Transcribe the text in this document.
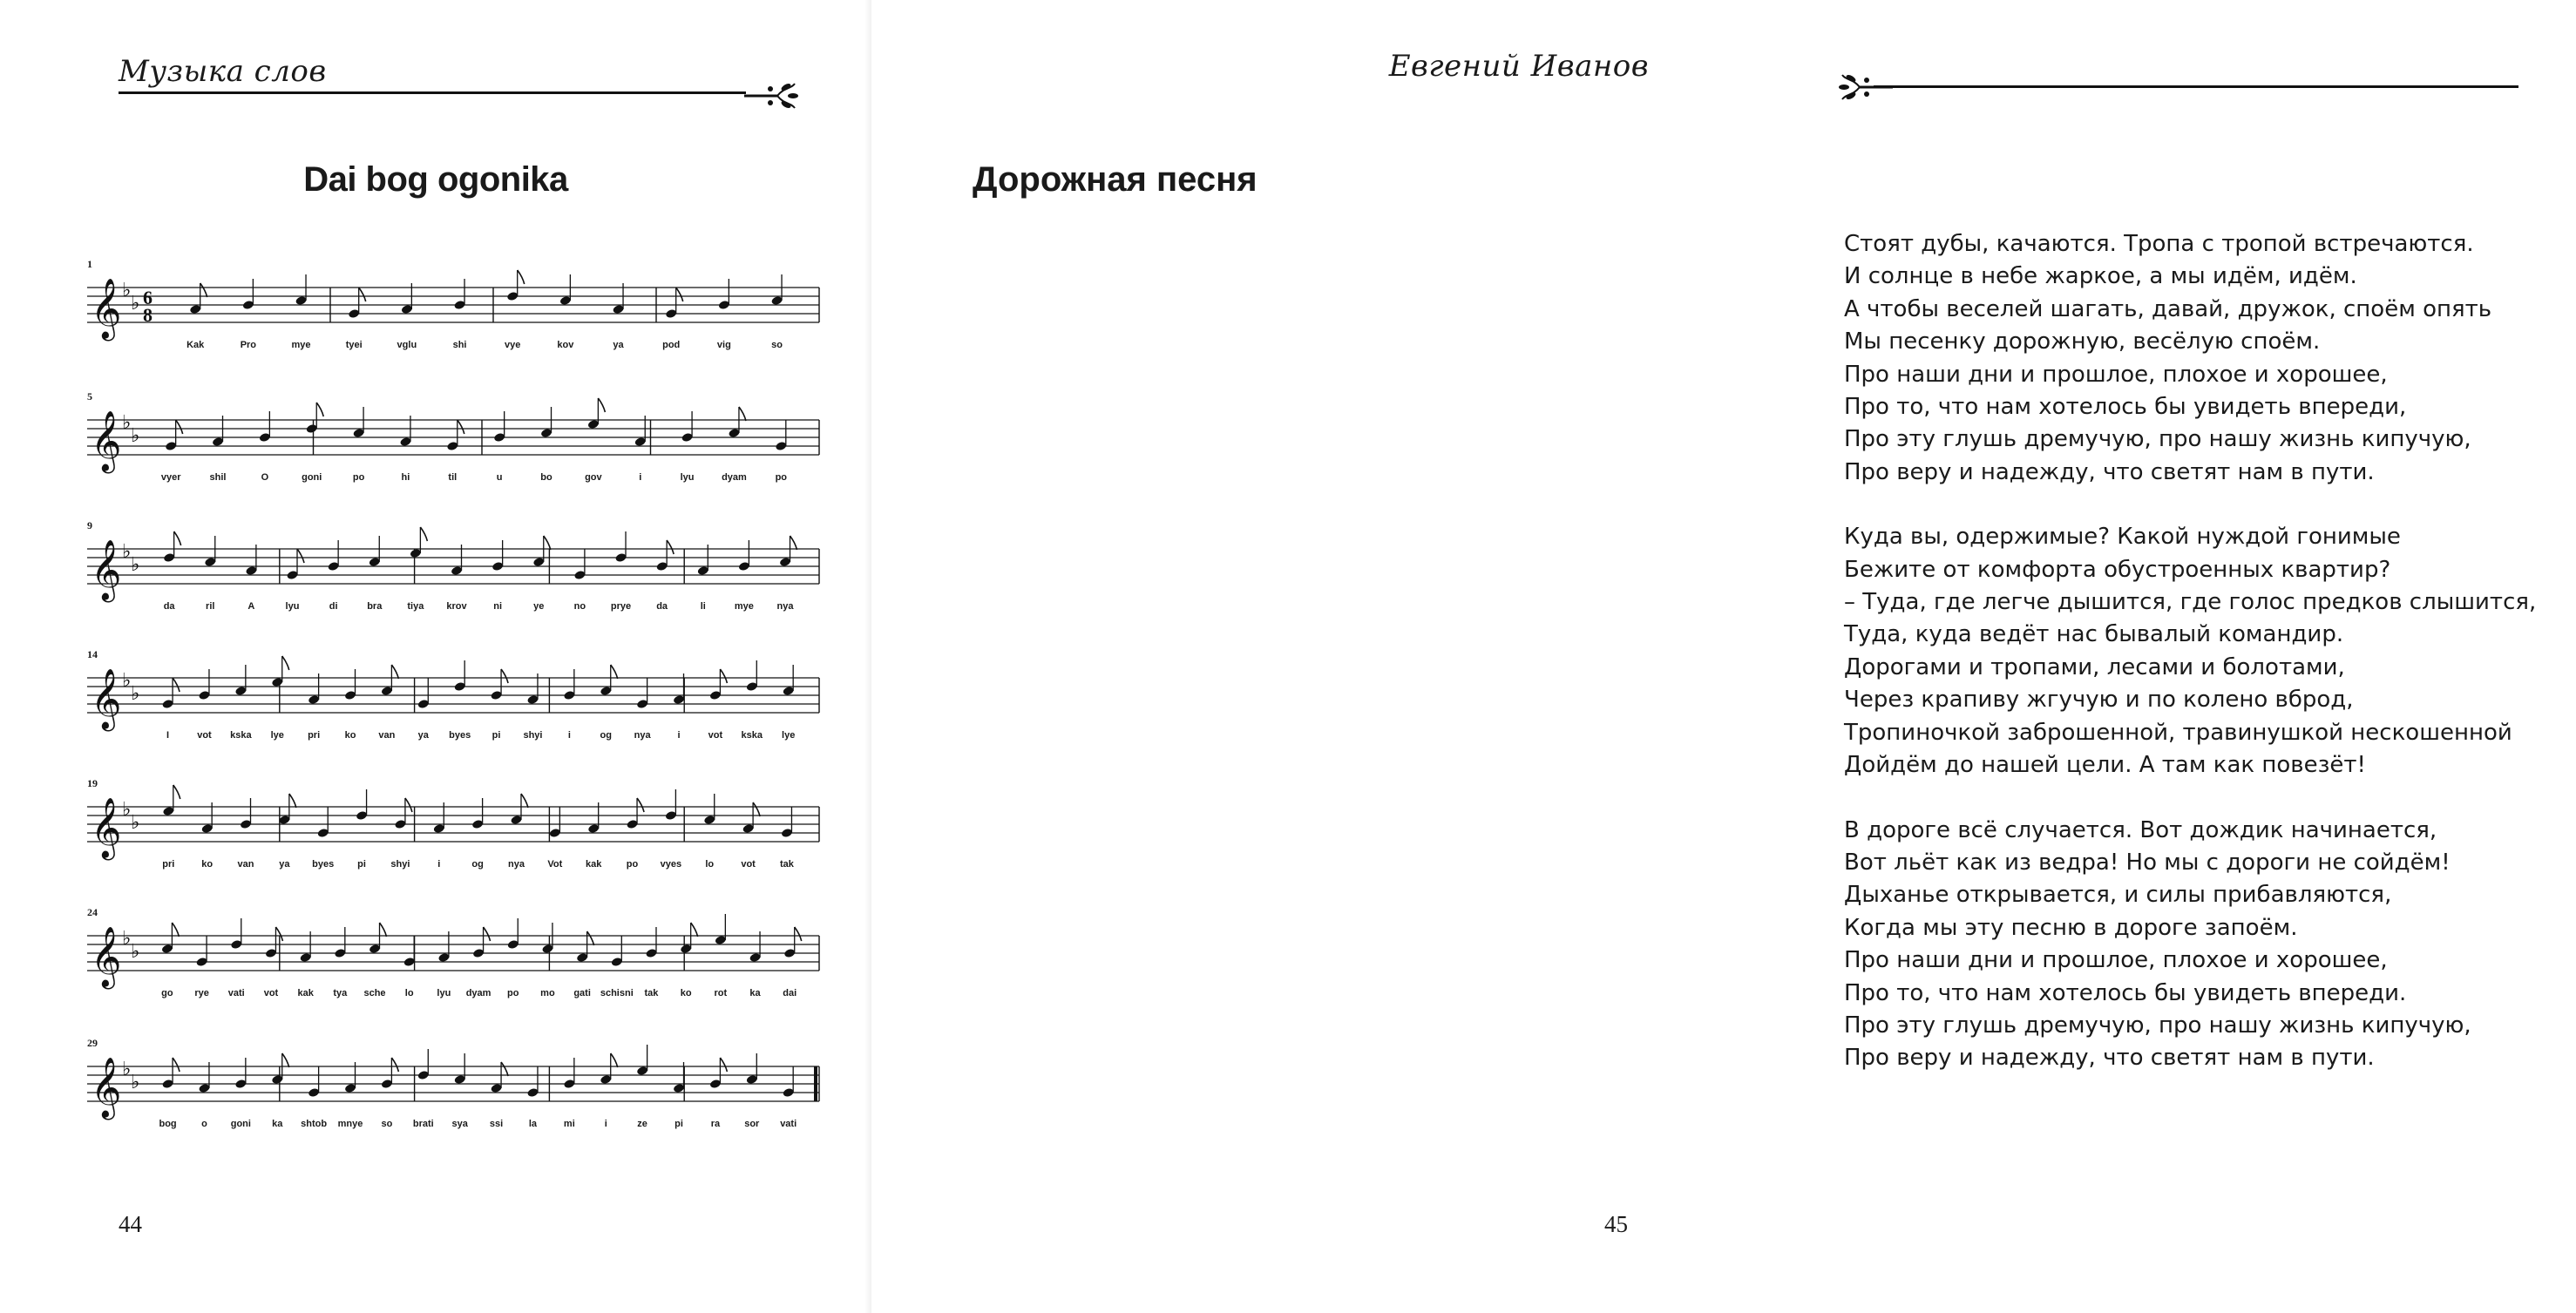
Музыка слов
Dai bog ogonika
𝄞 ♭
♭ 6
8
1
Kak	Pro	mye	tyei	vglu	shi	vye	kov	ya	pod	vig	so
𝄞 ♭
♭
5
vyer	shil	O	goni	po	hi	til	u	bo	gov	i	lyu	dyam	po
𝄞 ♭
♭
9
da	ril	A	lyu	di	bra	tiya krov	ni	ye	no	prye	da	li	mye nya
𝄞 ♭
♭
14
I	vot kska lye pri	ko van ya byes pi shyi	i	og nya	i	vot kska lye
𝄞 ♭
♭
19
pri	ko	van	ya byes pi	shyi	i	og	nya Vot kak	po vyes lo	vot	tak
𝄞 ♭
♭
24
go rye vati vot kak tya sche lo lyu dyam po mo gati schisni tak ko rot ka dai
𝄞 ♭
♭
29
bog	o goni ka shtob mnye so brati sya ssi	la	mi	i	ze	pi	ra	sor vati
44
Евгений Иванов
Дорожная песня
Стоят дубы, качаются. Тропа с тропой встречаются.
И солнце в небе жаркое, а мы идём, идём.
А чтобы веселей шагать, давай, дружок, споём опять
Мы песенку дорожную, весёлую споём.
Про наши дни и прошлое, плохое и хорошее,
Про то, что нам хотелось бы увидеть впереди,
Про эту глушь дремучую, про нашу жизнь кипучую,
Про веру и надежду, что светят нам в пути.
Куда вы, одержимые? Какой нуждой гонимые
Бежите от комфорта обустроенных квартир?
– Туда, где легче дышится, где голос предков слышится,
Туда, куда ведёт нас бывалый командир.
Дорогами и тропами, лесами и болотами,
Через крапиву жгучую и по колено вброд,
Тропиночкой заброшенной, травинушкой нескошенной
Дойдём до нашей цели. А там как повезёт!
В дороге всё случается. Вот дождик начинается,
Вот льёт как из ведра! Но мы с дороги не сойдём!
Дыханье открывается, и силы прибавляются,
Когда мы эту песню в дороге запоём.
Про наши дни и прошлое, плохое и хорошее,
Про то, что нам хотелось бы увидеть впереди.
Про эту глушь дремучую, про нашу жизнь кипучую,
Про веру и надежду, что светят нам в пути.
45
